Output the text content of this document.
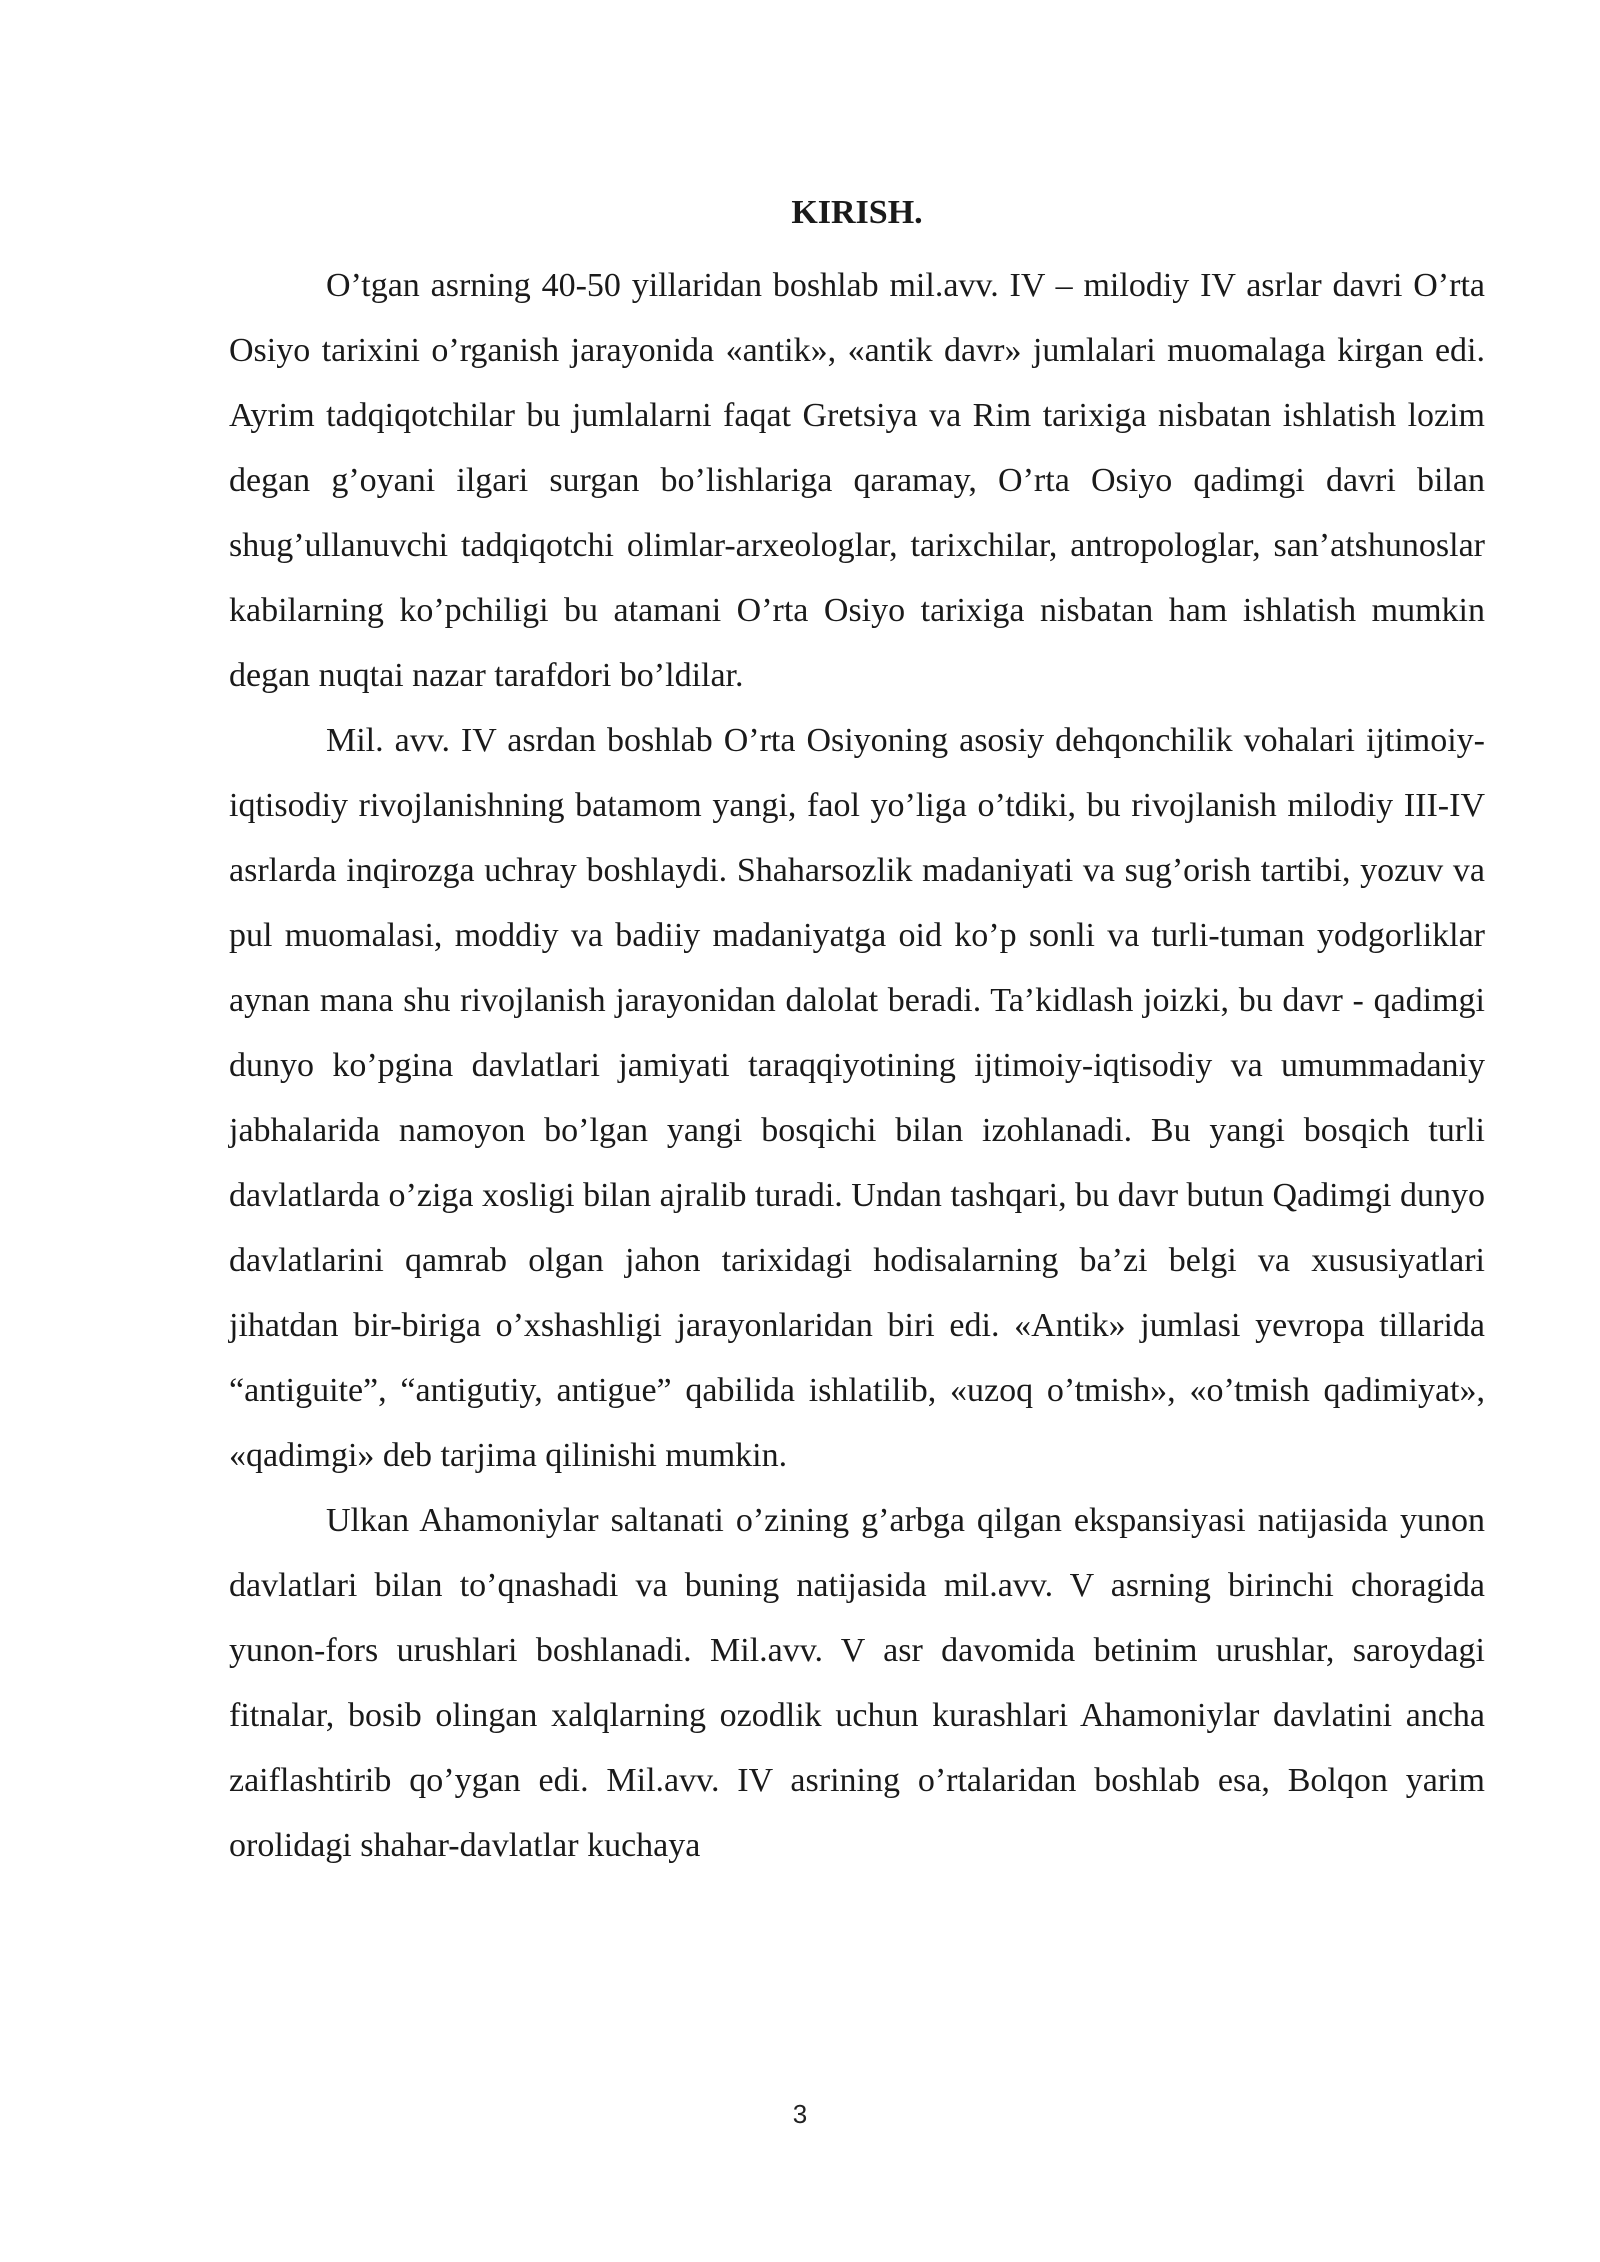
KIRISH.

O’tgan asrning 40-50 yillaridan boshlab mil.avv. IV – milodiy IV asrlar davri O’rta Osiyo tarixini o’rganish jarayonida «antik», «antik davr» jumlalari muomalaga kirgan edi. Ayrim tadqiqotchilar bu jumlalarni faqat Gretsiya va Rim tarixiga nisbatan ishlatish lozim degan g’oyani ilgari surgan bo’lishlariga qaramay, O’rta Osiyo qadimgi davri bilan shug’ullanuvchi tadqiqotchi olimlar-arxeologlar, tarixchilar, antropologlar, san’atshunoslar kabilarning ko’pchiligi bu atamani O’rta Osiyo tarixiga nisbatan ham ishlatish mumkin degan nuqtai nazar tarafdori bo’ldilar.

Mil. avv. IV asrdan boshlab O’rta Osiyoning asosiy dehqonchilik vohalari ijtimoiy-iqtisodiy rivojlanishning batamom yangi, faol yo’liga o’tdiki, bu rivojlanish milodiy III-IV asrlarda inqirozga uchray boshlaydi. Shaharsozlik madaniyati va sug’orish tartibi, yozuv va pul muomalasi, moddiy va badiiy madaniyatga oid ko’p sonli va turli-tuman yodgorliklar aynan mana shu rivojlanish jarayonidan dalolat beradi. Ta’kidlash joizki, bu davr - qadimgi dunyo ko’pgina davlatlari jamiyati taraqqiyotining ijtimoiy-iqtisodiy va umummadaniy jabhalarida namoyon bo’lgan yangi bosqichi bilan izohlanadi. Bu yangi bosqich turli davlatlarda o’ziga xosligi bilan ajralib turadi. Undan tashqari, bu davr butun Qadimgi dunyo davlatlarini qamrab olgan jahon tarixidagi hodisalarning ba’zi belgi va xususiyatlari jihatdan bir-biriga o’xshashligi jarayonlaridan biri edi. «Antik» jumlasi yevropa tillarida “antiguite”, “antigutiy, antigue” qabilida ishlatilib, «uzoq o’tmish», «o’tmish qadimiyat», «qadimgi» deb tarjima qilinishi mumkin.

Ulkan Ahamoniylar saltanati o’zining g’arbga qilgan ekspansiyasi natijasida yunon davlatlari bilan to’qnashadi va buning natijasida mil.avv. V asrning birinchi choragida yunon-fors urushlari boshlanadi. Mil.avv. V asr davomida betinim urushlar, saroydagi fitnalar, bosib olingan xalqlarning ozodlik uchun kurashlari Ahamoniylar davlatini ancha zaiflashtirib qo’ygan edi. Mil.avv. IV asrining o’rtalaridan boshlab esa, Bolqon yarim orolidagi shahar-davlatlar kuchaya

3
